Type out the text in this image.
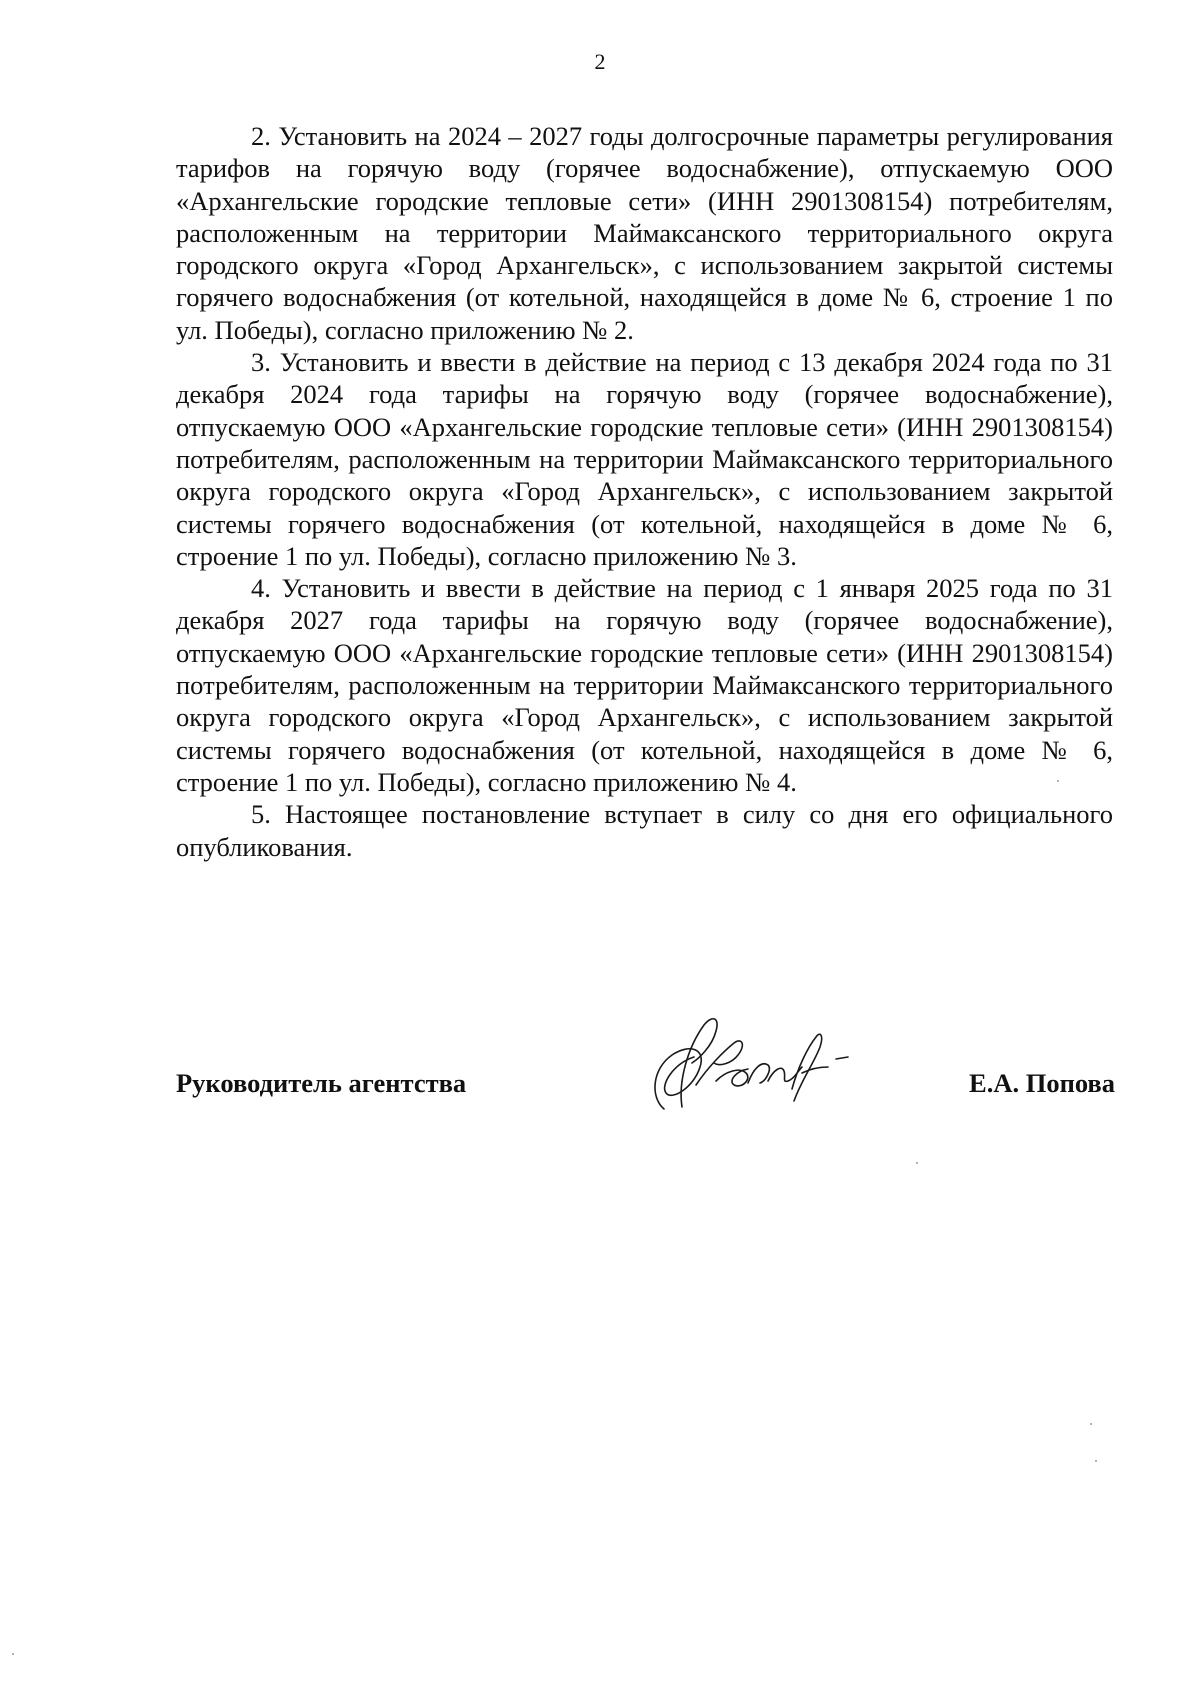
2

2. Установить на 2024 – 2027 годы долгосрочные параметры регулирования тарифов на горячую воду (горячее водоснабжение), отпускаемую ООО «Архангельские городские тепловые сети» (ИНН 2901308154) потребителям, расположенным на территории Маймаксанского территориального округа городского округа «Город Архангельск», с использованием закрытой системы горячего водоснабжения (от котельной, находящейся в доме № 6, строение 1 по ул. Победы), согласно приложению № 2.

3. Установить и ввести в действие на период с 13 декабря 2024 года по 31 декабря 2024 года тарифы на горячую воду (горячее водоснабжение), отпускаемую ООО «Архангельские городские тепловые сети» (ИНН 2901308154) потребителям, расположенным на территории Маймаксанского территориального округа городского округа «Город Архангельск», с использованием закрытой системы горячего водоснабжения (от котельной, находящейся в доме № 6, строение 1 по ул. Победы), согласно приложению № 3.

4. Установить и ввести в действие на период с 1 января 2025 года по 31 декабря 2027 года тарифы на горячую воду (горячее водоснабжение), отпускаемую ООО «Архангельские городские тепловые сети» (ИНН 2901308154) потребителям, расположенным на территории Маймаксанского территориального округа городского округа «Город Архангельск», с использованием закрытой системы горячего водоснабжения (от котельной, находящейся в доме № 6, строение 1 по ул. Победы), согласно приложению № 4.

5. Настоящее постановление вступает в силу со дня его официального опубликования.

Руководитель агентства	Е.А. Попова
